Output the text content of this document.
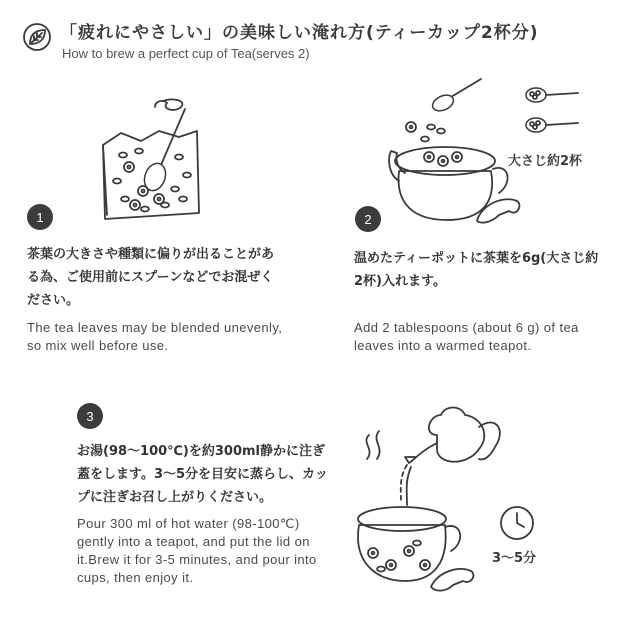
「疲れにやさしい」の美味しい淹れ方(ティーカップ2杯分)
How to brew a perfect cup of Tea(serves 2)
1
茶葉の大きさや種類に偏りが出ることがある為、ご使用前にスプーンなどでお混ぜください。
The tea leaves may be blended unevenly, so mix well before use.
大さじ約2杯
2
温めたティーポットに茶葉を6g(大さじ約2杯)入れます。
Add 2 tablespoons (about 6 g) of tea leaves into a warmed teapot.
3
お湯(98〜100℃)を約300ml静かに注ぎ蓋をします。3〜5分を目安に蒸らし、カップに注ぎお召し上がりください。
Pour 300 ml of hot water (98-100℃) gently into a teapot, and put the lid on it.Brew it for 3-5 minutes, and pour into cups, then enjoy it.
3〜5分
